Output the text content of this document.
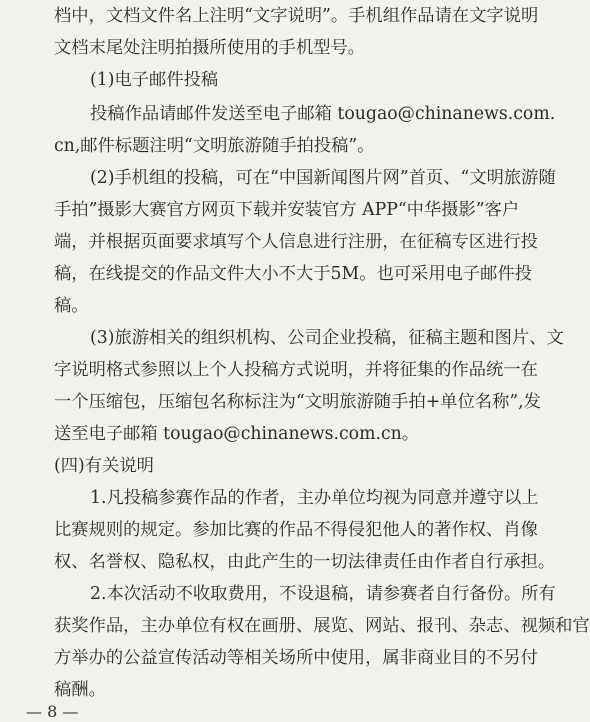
档中，文档文件名上注明“文字说明”。手机组作品请在文字说明
文档末尾处注明拍摄所使用的手机型号。
(1)电子邮件投稿
投稿作品请邮件发送至电子邮箱 tougao@chinanews.com.
cn,邮件标题注明“文明旅游随手拍投稿”。
(2)手机组的投稿，可在“中国新闻图片网”首页、“文明旅游随
手拍”摄影大赛官方网页下载并安装官方 APP“中华摄影”客户
端，并根据页面要求填写个人信息进行注册，在征稿专区进行投
稿，在线提交的作品文件大小不大于5M。也可采用电子邮件投
稿。
(3)旅游相关的组织机构、公司企业投稿，征稿主题和图片、文
字说明格式参照以上个人投稿方式说明，并将征集的作品统一在
一个压缩包，压缩包名称标注为“文明旅游随手拍+单位名称”,发
送至电子邮箱 tougao@chinanews.com.cn。
(四)有关说明
1.凡投稿参赛作品的作者，主办单位均视为同意并遵守以上
比赛规则的规定。参加比赛的作品不得侵犯他人的著作权、肖像
权、名誉权、隐私权，由此产生的一切法律责任由作者自行承担。
2.本次活动不收取费用，不设退稿，请参赛者自行备份。所有
获奖作品，主办单位有权在画册、展览、网站、报刊、杂志、视频和官
方举办的公益宣传活动等相关场所中使用，属非商业目的不另付
稿酬。
— 8 —
